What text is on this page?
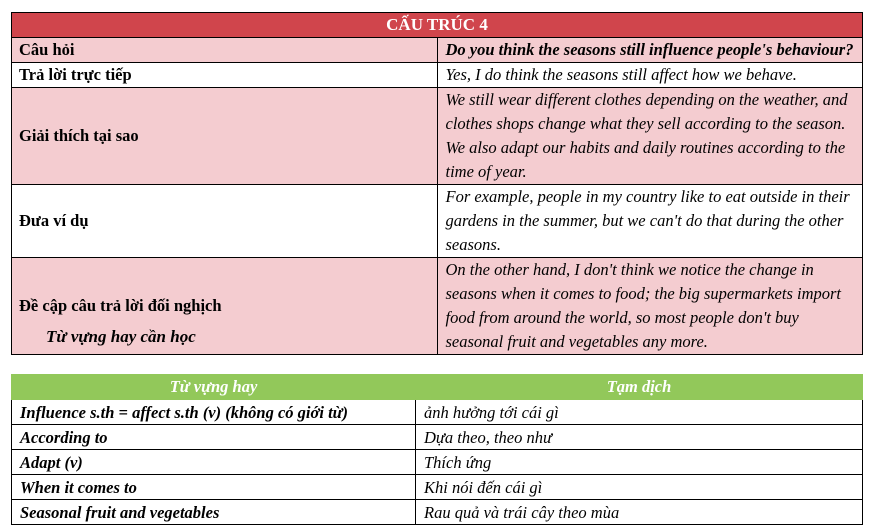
CẤU TRÚC 4	
Câu hỏi	Do you think the seasons still influence people's behaviour?
Trả lời trực tiếp	Yes, I do think the seasons still affect how we behave.
Giải thích tại sao	We still wear different clothes depending on the weather, and clothes shops change what they sell according to the season. We also adapt our habits and daily routines according to the time of year.
Đưa ví dụ	For example, people in my country like to eat outside in their gardens in the summer, but we can't do that during the other seasons.
Đề cập câu trả lời đối nghịch	On the other hand, I don't think we notice the change in seasons when it comes to food; the big supermarkets import food from around the world, so most people don't buy seasonal fruit and vegetables any more.

Từ vựng hay cần học

Từ vựng hay	Tạm dịch
Influence s.th = affect s.th (v) (không có giới từ)	ảnh hưởng tới cái gì
According to	Dựa theo, theo như
Adapt (v)	Thích ứng
When it comes to	Khi nói đến cái gì
Seasonal fruit and vegetables	Rau quả và trái cây theo mùa
